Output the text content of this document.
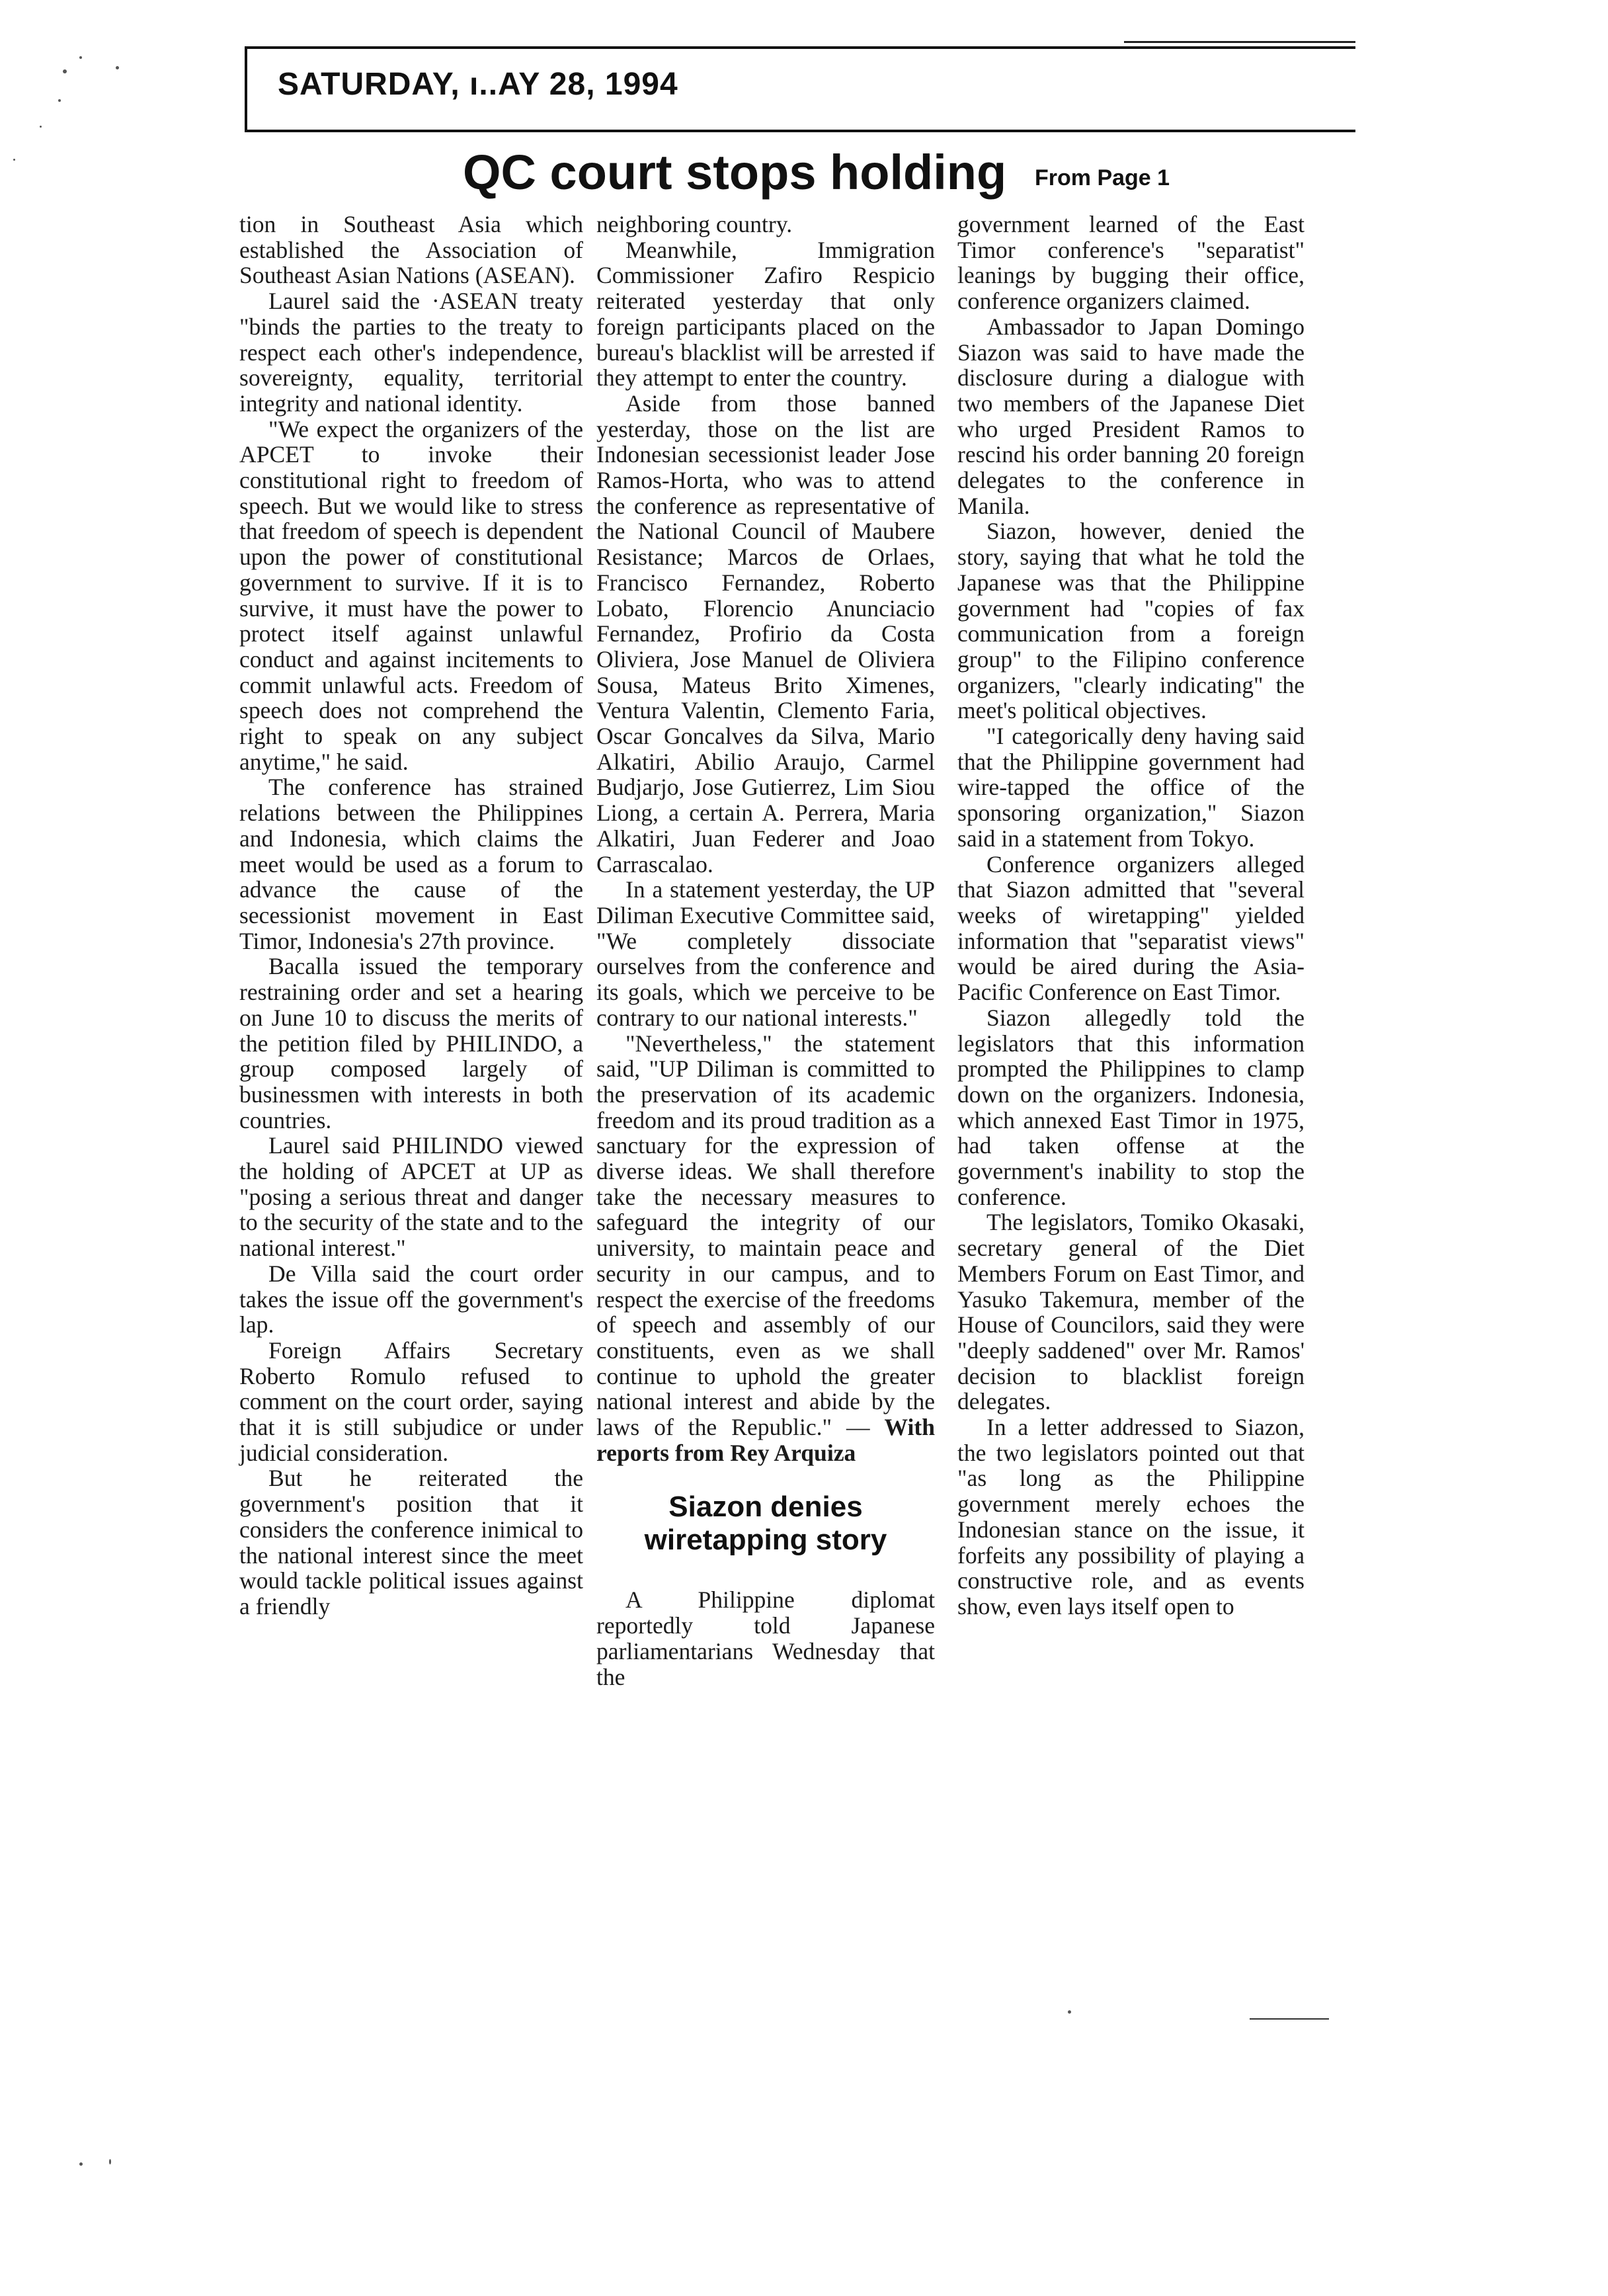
SATURDAY, ı..AY 28, 1994
QC court stops holding From Page 1

tion in Southeast Asia which established the Association of Southeast Asian Nations (ASEAN).

Laurel said the ·ASEAN treaty "binds the parties to the treaty to respect each other's independence, sovereignty, equality, territorial integrity and national identity.

"We expect the organizers of the APCET to invoke their constitutional right to freedom of speech. But we would like to stress that freedom of speech is dependent upon the power of constitutional government to survive. If it is to survive, it must have the power to protect itself against unlawful conduct and against incitements to commit unlawful acts. Freedom of speech does not comprehend the right to speak on any subject anytime," he said.

The conference has strained relations between the Philippines and Indonesia, which claims the meet would be used as a forum to advance the cause of the secessionist movement in East Timor, Indonesia's 27th province.

Bacalla issued the temporary restraining order and set a hearing on June 10 to discuss the merits of the petition filed by PHILINDO, a group composed largely of businessmen with interests in both countries.

Laurel said PHILINDO viewed the holding of APCET at UP as "posing a serious threat and danger to the security of the state and to the national interest."

De Villa said the court order takes the issue off the government's lap.

Foreign Affairs Secretary Roberto Romulo refused to comment on the court order, saying that it is still subjudice or under judicial consideration.

But he reiterated the government's position that it considers the conference inimical to the national interest since the meet would tackle political issues against a friendly

neighboring country.

Meanwhile, Immigration Commissioner Zafiro Respicio reiterated yesterday that only foreign participants placed on the bureau's blacklist will be arrested if they attempt to enter the country.

Aside from those banned yesterday, those on the list are Indonesian secessionist leader Jose Ramos-Horta, who was to attend the conference as representative of the National Council of Maubere Resistance; Marcos de Orlaes, Francisco Fernandez, Roberto Lobato, Florencio Anunciacio Fernandez, Profirio da Costa Oliviera, Jose Manuel de Oliviera Sousa, Mateus Brito Ximenes, Ventura Valentin, Clemento Faria, Oscar Goncalves da Silva, Mario Alkatiri, Abilio Araujo, Carmel Budjarjo, Jose Gutierrez, Lim Siou Liong, a certain A. Perrera, Maria Alkatiri, Juan Federer and Joao Carrascalao.

In a statement yesterday, the UP Diliman Executive Committee said, "We completely dissociate ourselves from the conference and its goals, which we perceive to be contrary to our national interests."

"Nevertheless," the statement said, "UP Diliman is committed to the preservation of its academic freedom and its proud tradition as a sanctuary for the expression of diverse ideas. We shall therefore take the necessary measures to safeguard the integrity of our university, to maintain peace and security in our campus, and to respect the exercise of the freedoms of speech and assembly of our constituents, even as we shall continue to uphold the greater national interest and abide by the laws of the Republic." — With reports from Rey Arquiza

Siazon denies wiretapping story

A Philippine diplomat reportedly told Japanese parliamentarians Wednesday that the

government learned of the East Timor conference's "separatist" leanings by bugging their office, conference organizers claimed.

Ambassador to Japan Domingo Siazon was said to have made the disclosure during a dialogue with two members of the Japanese Diet who urged President Ramos to rescind his order banning 20 foreign delegates to the conference in Manila.

Siazon, however, denied the story, saying that what he told the Japanese was that the Philippine government had "copies of fax communication from a foreign group" to the Filipino conference organizers, "clearly indicating" the meet's political objectives.

"I categorically deny having said that the Philippine government had wire-tapped the office of the sponsoring organization," Siazon said in a statement from Tokyo.

Conference organizers alleged that Siazon admitted that "several weeks of wiretapping" yielded information that "separatist views" would be aired during the Asia-Pacific Conference on East Timor.

Siazon allegedly told the legislators that this information prompted the Philippines to clamp down on the organizers. Indonesia, which annexed East Timor in 1975, had taken offense at the government's inability to stop the conference.

The legislators, Tomiko Okasaki, secretary general of the Diet Members Forum on East Timor, and Yasuko Takemura, member of the House of Councilors, said they were "deeply saddened" over Mr. Ramos' decision to blacklist foreign delegates.

In a letter addressed to Siazon, the two legislators pointed out that "as long as the Philippine government merely echoes the Indonesian stance on the issue, it forfeits any possibility of playing a constructive role, and as events show, even lays itself open to
